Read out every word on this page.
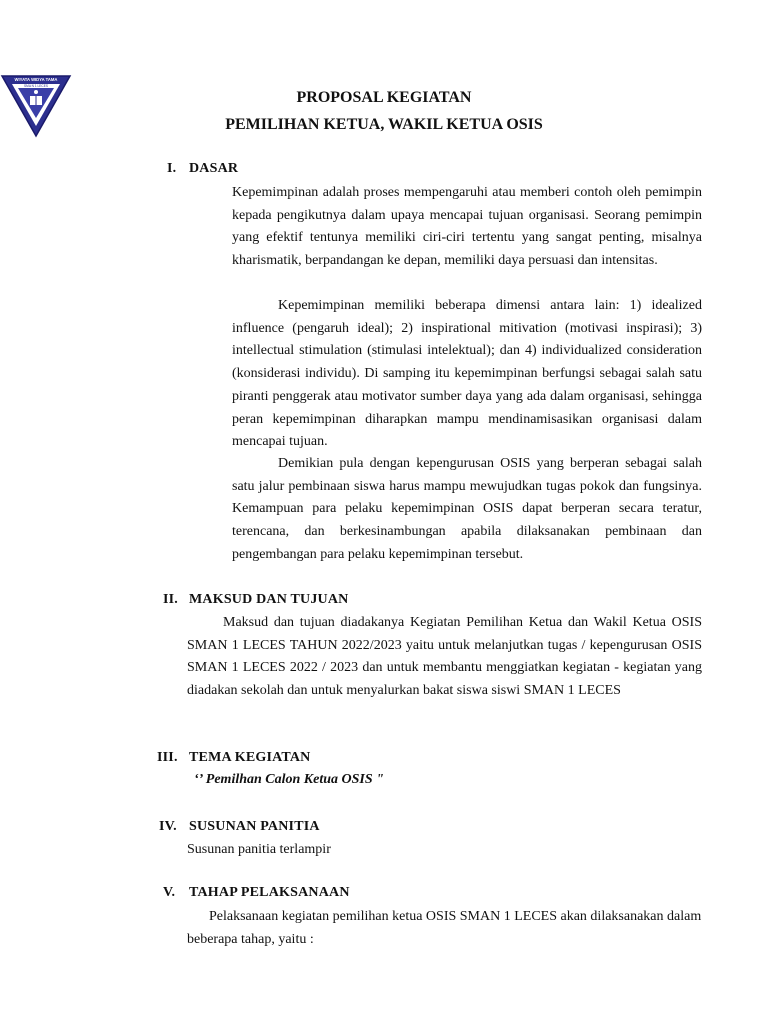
WIYATA WIDYA TAMA
SMA N 1 LECES
PROPOSAL KEGIATAN
PEMILIHAN KETUA, WAKIL KETUA OSIS
I. DASAR

Kepemimpinan adalah proses mempengaruhi atau memberi contoh oleh pemimpin kepada pengikutnya dalam upaya mencapai tujuan organisasi. Seorang pemimpin yang efektif tentunya memiliki ciri-ciri tertentu yang sangat penting, misalnya kharismatik, berpandangan ke depan, memiliki daya persuasi dan intensitas.

Kepemimpinan memiliki beberapa dimensi antara lain: 1) idealized influence (pengaruh ideal); 2) inspirational mitivation (motivasi inspirasi); 3) intellectual stimulation (stimulasi intelektual); dan 4) individualized consideration (konsiderasi individu). Di samping itu kepemimpinan berfungsi sebagai salah satu piranti penggerak atau motivator sumber daya yang ada dalam organisasi, sehingga peran kepemimpinan diharapkan mampu mendinamisasikan organisasi dalam mencapai tujuan.

Demikian pula dengan kepengurusan OSIS yang berperan sebagai salah satu jalur pembinaan siswa harus mampu mewujudkan tugas pokok dan fungsinya. Kemampuan para pelaku kepemimpinan OSIS dapat berperan secara teratur, terencana, dan berkesinambungan apabila dilaksanakan pembinaan dan pengembangan para pelaku kepemimpinan tersebut.

II. MAKSUD DAN TUJUAN

Maksud dan tujuan diadakanya Kegiatan Pemilihan Ketua dan Wakil Ketua OSIS SMAN 1 LECES TAHUN 2022/2023 yaitu untuk melanjutkan tugas / kepengurusan OSIS SMAN 1 LECES 2022 / 2023 dan untuk membantu menggiatkan kegiatan - kegiatan yang diadakan sekolah dan untuk menyalurkan bakat siswa siswi SMAN 1 LECES

III. TEMA KEGIATAN
‘’ Pemilhan Calon Ketua OSIS "
IV. SUSUNAN PANITIA

Susunan panitia terlampir

V. TAHAP PELAKSANAAN

Pelaksanaan kegiatan pemilihan ketua OSIS SMAN 1 LECES akan dilaksanakan dalam beberapa tahap, yaitu :
